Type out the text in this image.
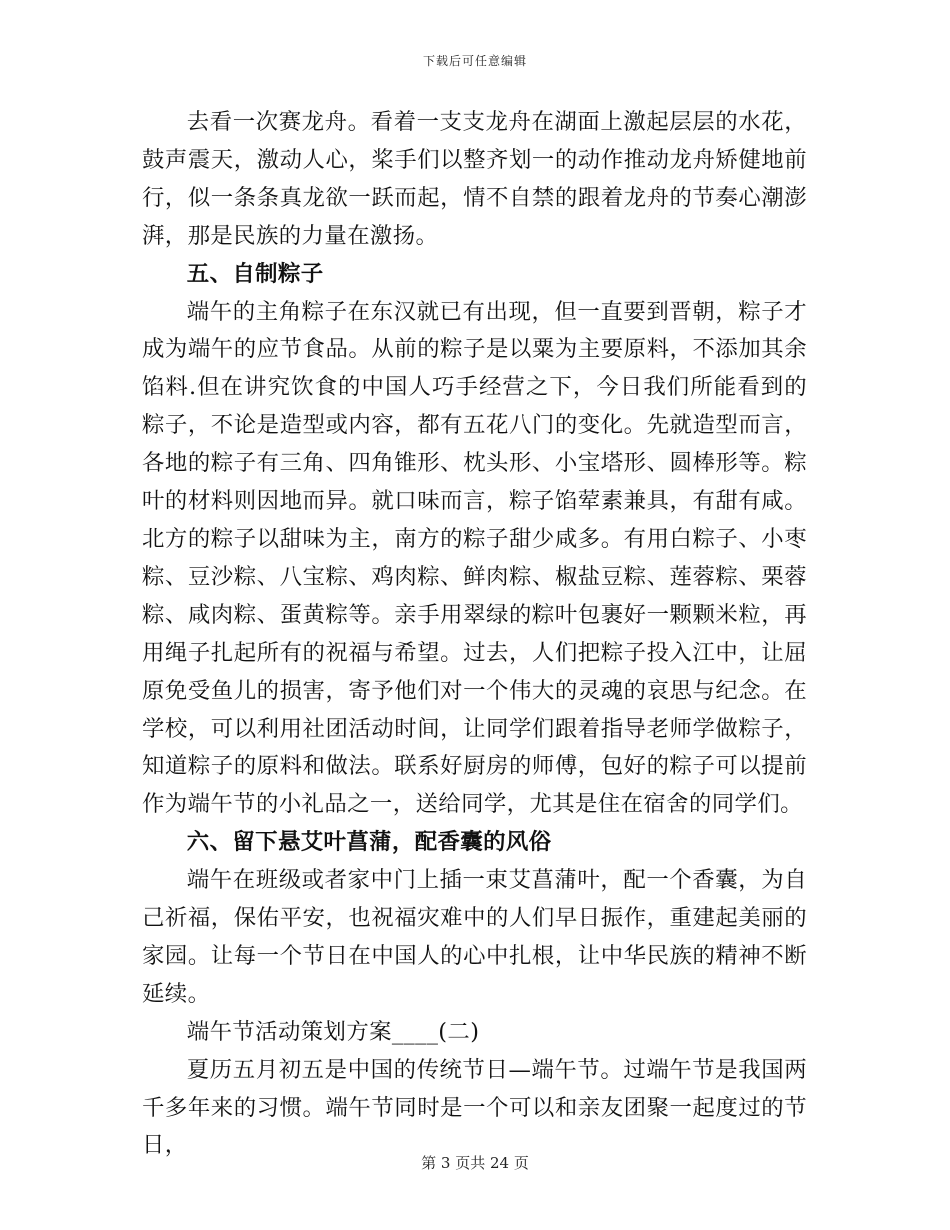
下载后可任意编辑

去看一次赛龙舟。看着一支支龙舟在湖面上激起层层的水花，鼓声震天，激动人心，桨手们以整齐划一的动作推动龙舟矫健地前行，似一条条真龙欲一跃而起，情不自禁的跟着龙舟的节奏心潮澎湃，那是民族的力量在激扬。

五、自制粽子

端午的主角粽子在东汉就已有出现，但一直要到晋朝，粽子才成为端午的应节食品。从前的粽子是以粟为主要原料，不添加其余馅料.但在讲究饮食的中国人巧手经营之下，今日我们所能看到的粽子，不论是造型或内容，都有五花八门的变化。先就造型而言，各地的粽子有三角、四角锥形、枕头形、小宝塔形、圆棒形等。粽叶的材料则因地而异。就口味而言，粽子馅荤素兼具，有甜有咸。北方的粽子以甜味为主，南方的粽子甜少咸多。有用白粽子、小枣粽、豆沙粽、八宝粽、鸡肉粽、鲜肉粽、椒盐豆粽、莲蓉粽、栗蓉粽、咸肉粽、蛋黄粽等。亲手用翠绿的粽叶包裹好一颗颗米粒，再用绳子扎起所有的祝福与希望。过去，人们把粽子投入江中，让屈原免受鱼儿的损害，寄予他们对一个伟大的灵魂的哀思与纪念。在学校，可以利用社团活动时间，让同学们跟着指导老师学做粽子，知道粽子的原料和做法。联系好厨房的师傅，包好的粽子可以提前作为端午节的小礼品之一，送给同学，尤其是住在宿舍的同学们。

六、留下悬艾叶菖蒲，配香囊的风俗

端午在班级或者家中门上插一束艾菖蒲叶，配一个香囊，为自己祈福，保佑平安，也祝福灾难中的人们早日振作，重建起美丽的家园。让每一个节日在中国人的心中扎根，让中华民族的精神不断延续。

端午节活动策划方案____(二)

夏历五月初五是中国的传统节日—端午节。过端午节是我国两千多年来的习惯。端午节同时是一个可以和亲友团聚一起度过的节日，

第 3 页共 24 页
